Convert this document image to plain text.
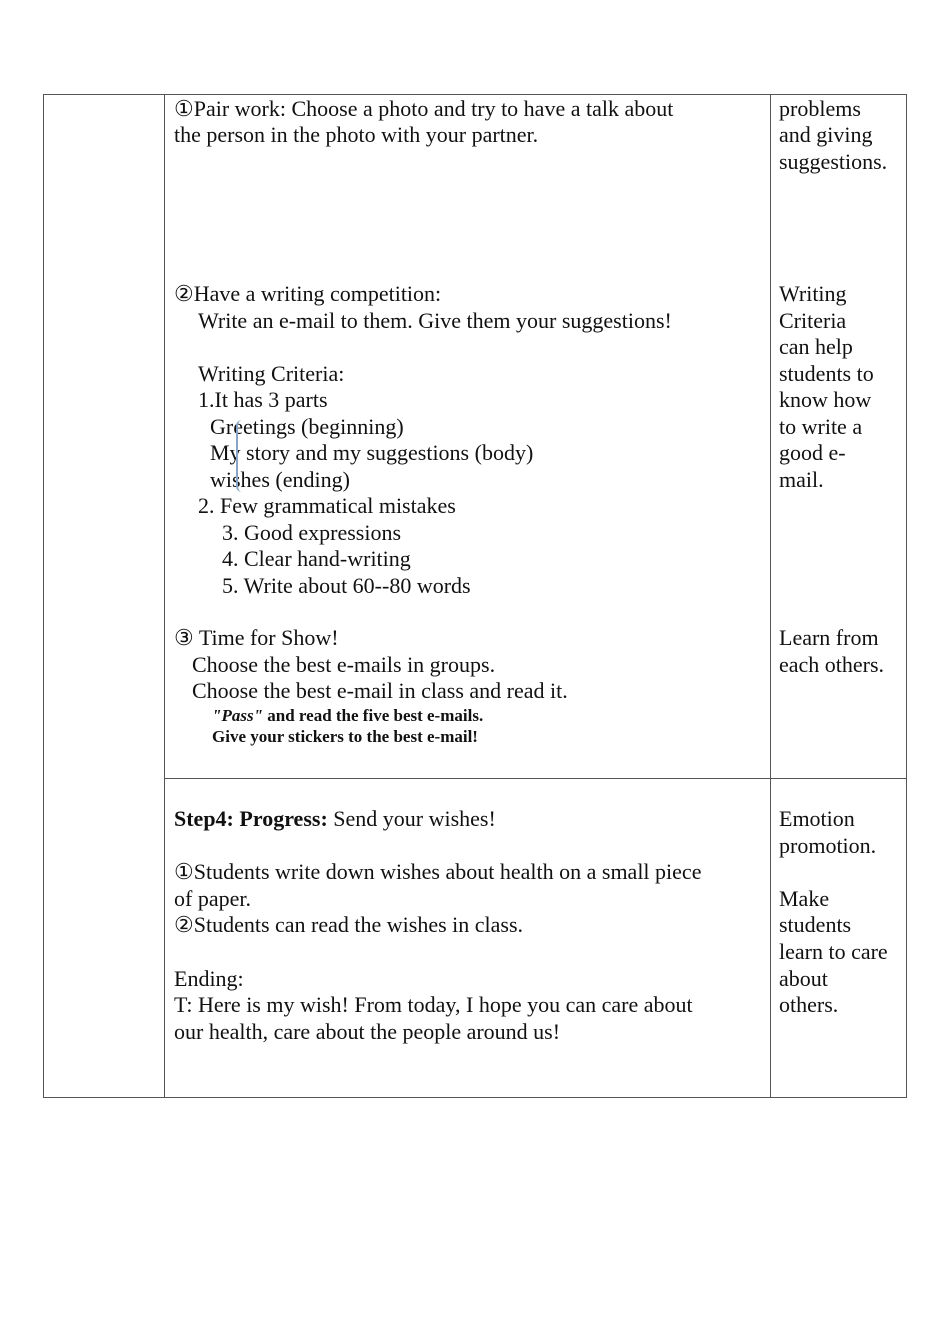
①Pair work: Choose a photo and try to have a talk about
the person in the photo with your partner.
②Have a writing competition:
Write an e-mail to them. Give them your suggestions!
Writing Criteria:
1.It has 3 parts
Greetings (beginning)
My story and my suggestions (body)
wishes (ending)
2. Few grammatical mistakes
3. Good expressions
4. Clear hand-writing
5. Write about 60--80 words
③ Time for Show!
Choose the best e-mails in groups.
Choose the best e-mail in class and read it.
"Pass" and read the five best e-mails.
Give your stickers to the best e-mail!
problems
and giving
suggestions.
Writing
Criteria
can help
students to
know how
to write a
good e-
mail.
Learn from
each others.
Step4: Progress: Send your wishes!
①Students write down wishes about health on a small piece
of paper.
②Students can read the wishes in class.
Ending:
T: Here is my wish! From today, I hope you can care about
our health, care about the people around us!
Emotion
promotion.
Make
students
learn to care
about
others.
